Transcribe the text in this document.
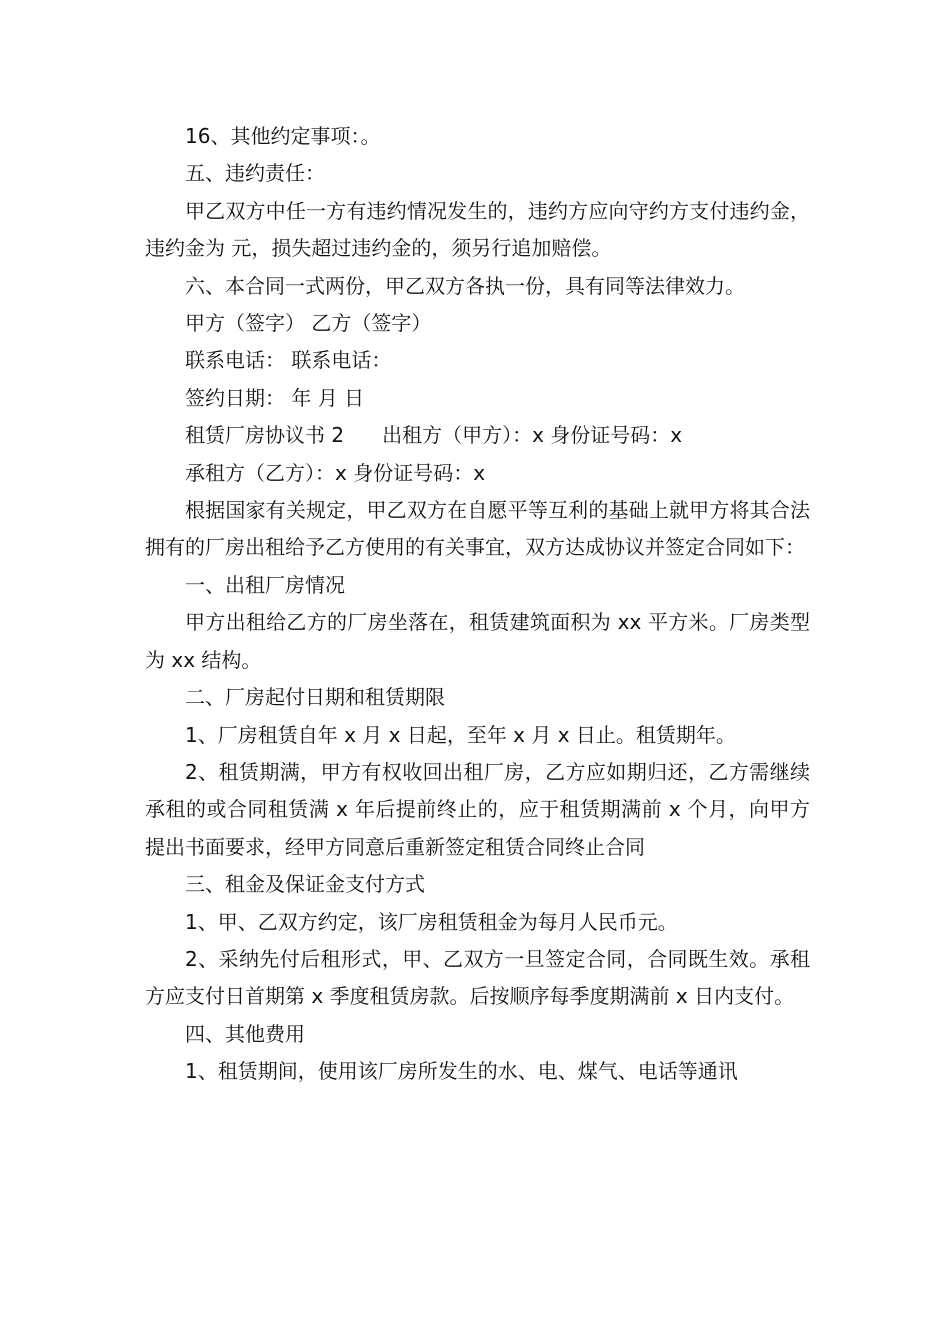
16、其他约定事项：。

五、违约责任：

甲乙双方中任一方有违约情况发生的，违约方应向守约方支付违约金，违约金为 元，损失超过违约金的，须另行追加赔偿。

六、本合同一式两份，甲乙双方各执一份，具有同等法律效力。

甲方（签字） 乙方（签字）

联系电话： 联系电话：

签约日期： 年 月 日

租赁厂房协议书 2 出租方（甲方）：x 身份证号码：x

承租方（乙方）：x 身份证号码：x

根据国家有关规定，甲乙双方在自愿平等互利的基础上就甲方将其合法拥有的厂房出租给予乙方使用的有关事宜，双方达成协议并签定合同如下：

一、出租厂房情况

甲方出租给乙方的厂房坐落在，租赁建筑面积为 xx 平方米。厂房类型为 xx 结构。

二、厂房起付日期和租赁期限

1、厂房租赁自年 x 月 x 日起，至年 x 月 x 日止。租赁期年。

2、租赁期满，甲方有权收回出租厂房，乙方应如期归还，乙方需继续承租的或合同租赁满 x 年后提前终止的，应于租赁期满前 x 个月，向甲方提出书面要求，经甲方同意后重新签定租赁合同终止合同

三、租金及保证金支付方式

1、甲、乙双方约定，该厂房租赁租金为每月人民币元。

2、采纳先付后租形式，甲、乙双方一旦签定合同，合同既生效。承租方应支付日首期第 x 季度租赁房款。后按顺序每季度期满前 x 日内支付。

四、其他费用

1、租赁期间，使用该厂房所发生的水、电、煤气、电话等通讯
